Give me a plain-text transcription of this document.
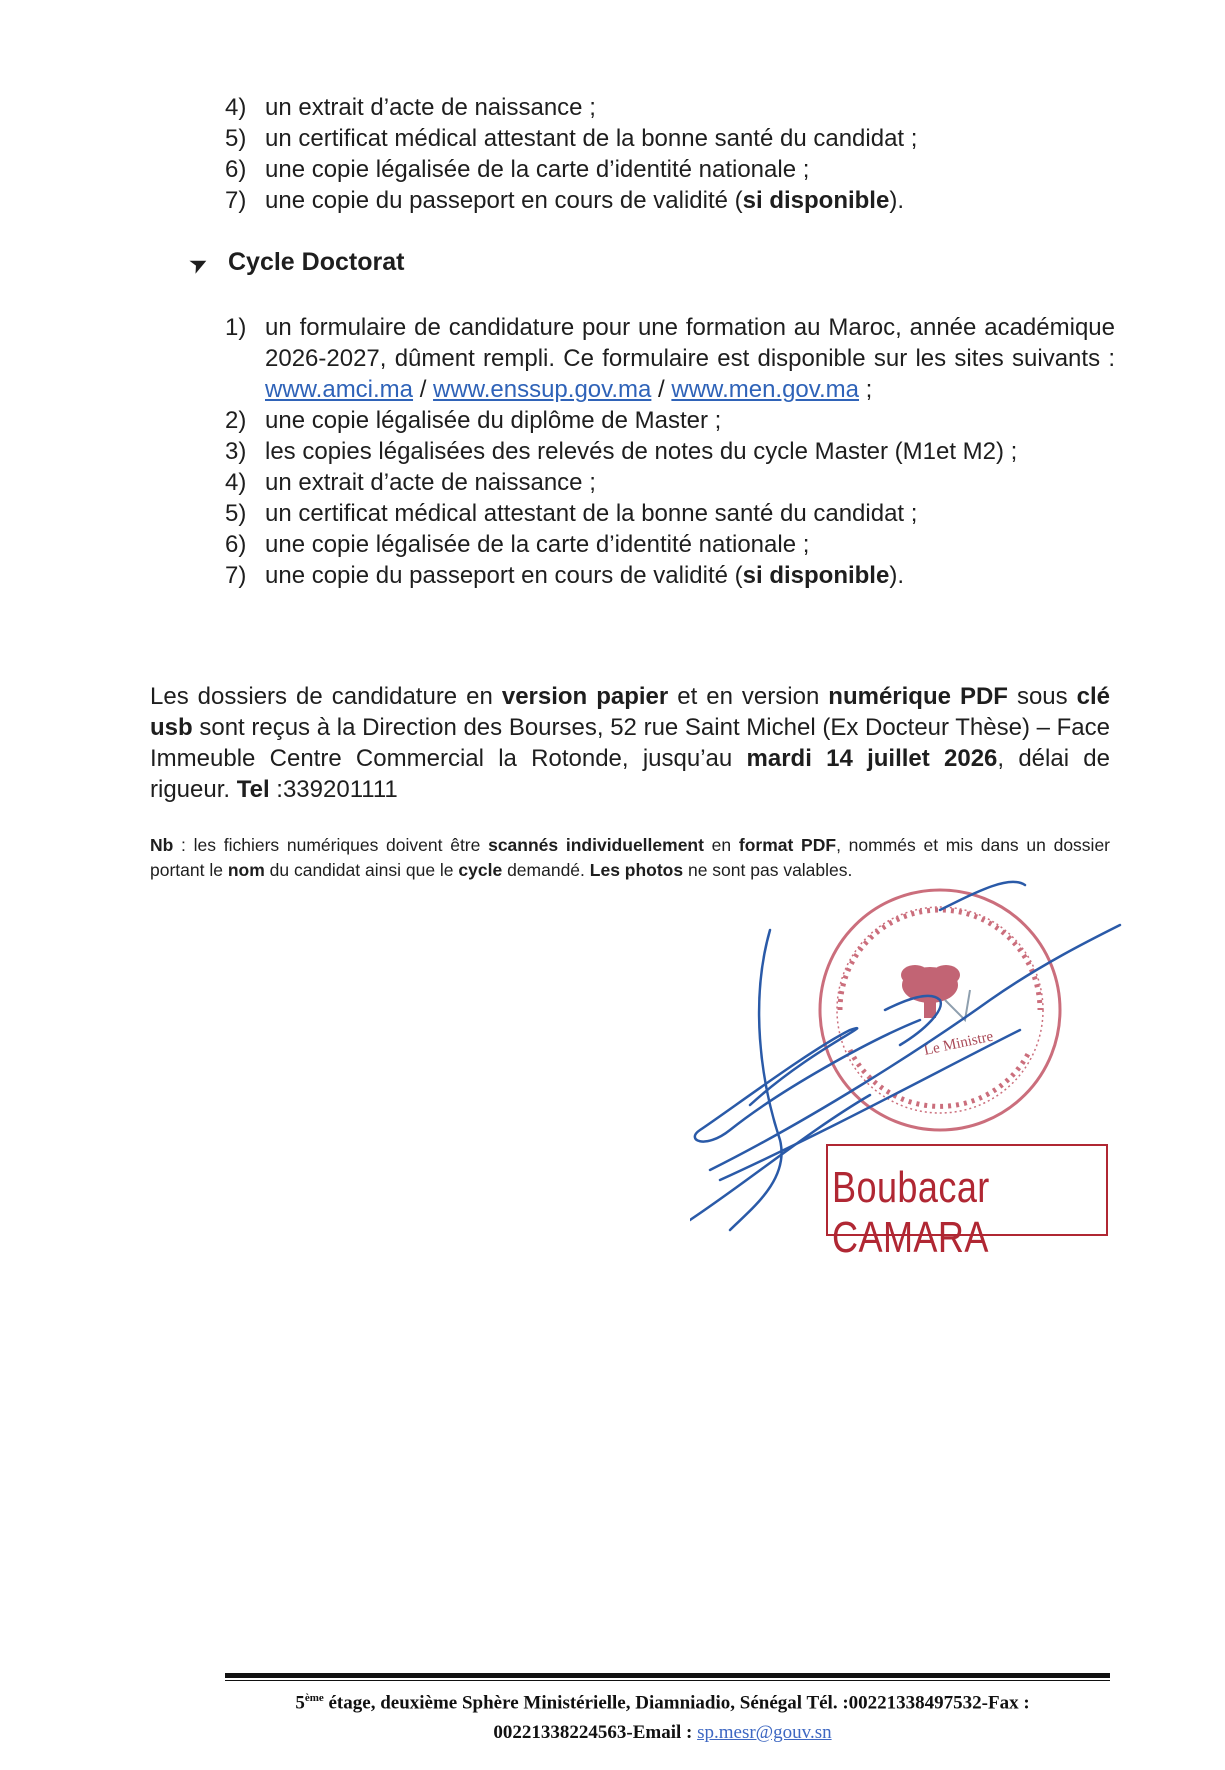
4) un extrait d’acte de naissance ;
5) un certificat médical attestant de la bonne santé du candidat ;
6) une copie légalisée de la carte d’identité nationale ;
7) une copie du passeport en cours de validité (si disponible).
➤ Cycle Doctorat
1) un formulaire de candidature pour une formation au Maroc, année académique 2026-2027, dûment rempli. Ce formulaire est disponible sur les sites suivants : www.amci.ma / www.enssup.gov.ma / www.men.gov.ma ;
2) une copie légalisée du diplôme de Master ;
3) les copies légalisées des relevés de notes du cycle Master (M1et M2) ;
4) un extrait d’acte de naissance ;
5) un certificat médical attestant de la bonne santé du candidat ;
6) une copie légalisée de la carte d’identité nationale ;
7) une copie du passeport en cours de validité (si disponible).

Les dossiers de candidature en version papier et en version numérique PDF sous clé usb sont reçus à la Direction des Bourses, 52 rue Saint Michel (Ex Docteur Thèse) – Face Immeuble Centre Commercial la Rotonde, jusqu’au mardi 14 juillet 2026, délai de rigueur. Tel :339201111

Nb : les fichiers numériques doivent être scannés individuellement en format PDF, nommés et mis dans un dossier portant le nom du candidat ainsi que le cycle demandé. Les photos ne sont pas valables.

Le Ministre
Boubacar CAMARA
5ème étage, deuxième Sphère Ministérielle, Diamniadio, Sénégal Tél. :00221338497532-Fax :
00221338224563-Email : sp.mesr@gouv.sn
